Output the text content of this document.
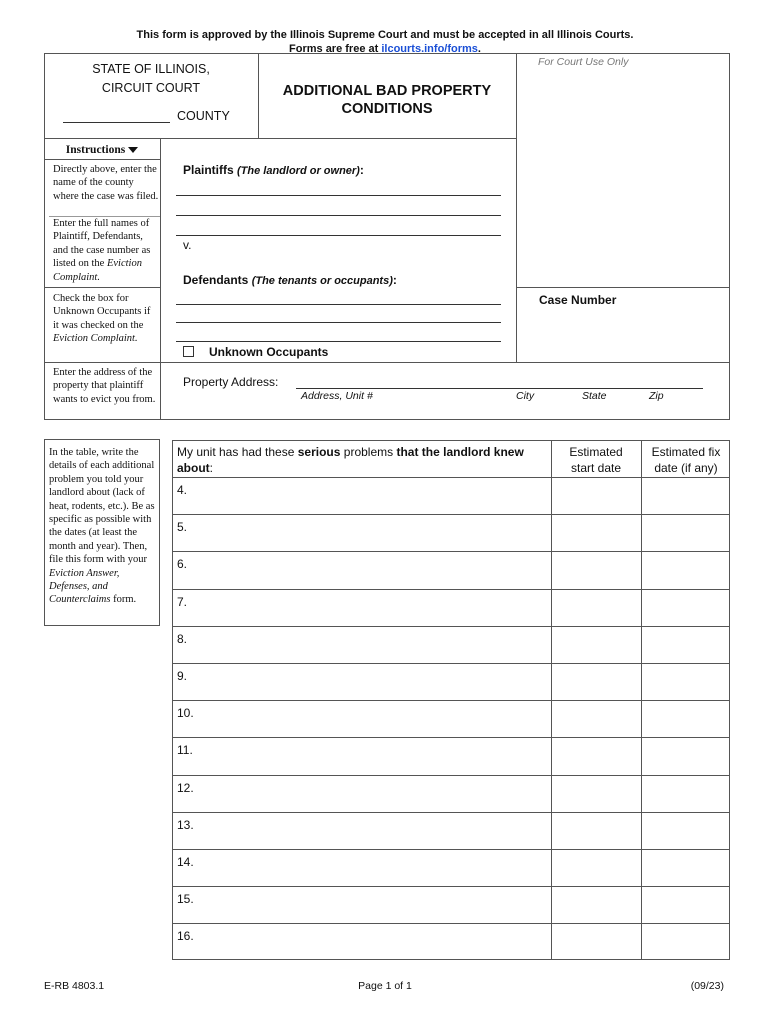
This form is approved by the Illinois Supreme Court and must be accepted in all Illinois Courts.
Forms are free at ilcourts.info/forms.
STATE OF ILLINOIS,
CIRCUIT COURT
COUNTY
ADDITIONAL BAD PROPERTY
CONDITIONS
For Court Use Only
Instructions
Directly above, enter the name of the county where the case was filed.
Enter the full names of Plaintiff, Defendants, and the case number as listed on the Eviction Complaint.
Check the box for Unknown Occupants if it was checked on the Eviction Complaint.
Enter the address of the property that plaintiff wants to evict you from.
Plaintiffs (The landlord or owner):
v.
Defendants (The tenants or occupants):
Unknown Occupants
Case Number
Property Address:
Address, Unit #	City	State	Zip
In the table, write the details of each additional problem you told your landlord about (lack of heat, rodents, etc.). Be as specific as possible with the dates (at least the month and year). Then, file this form with your Eviction Answer, Defenses, and Counterclaims form.
My unit has had these serious problems that the landlord knew about:
Estimated start date
Estimated fix date (if any)
4.
5.
6.
7.
8.
9.
10.
11.
12.
13.
14.
15.
16.
E-RB 4803.1	Page 1 of 1	(09/23)
